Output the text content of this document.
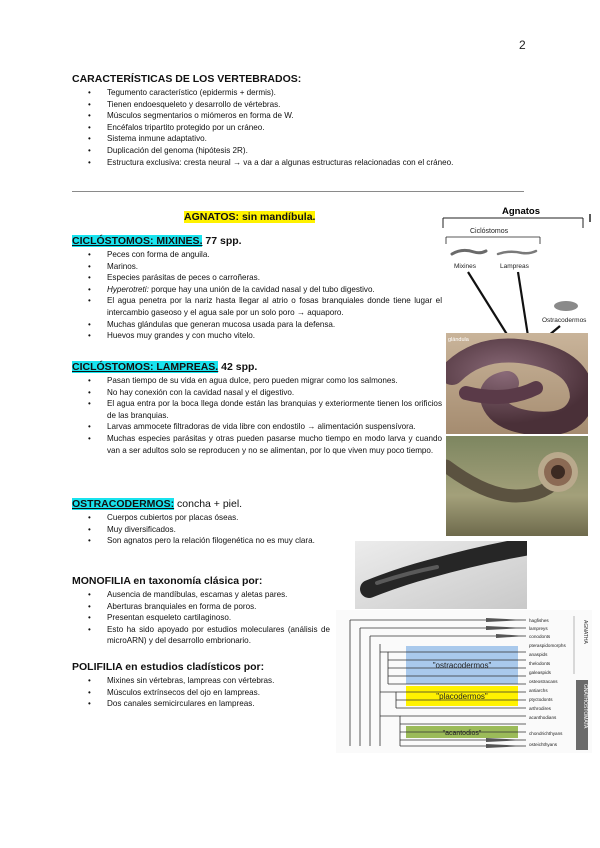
2
CARACTERÍSTICAS DE LOS VERTEBRADOS:
• Tegumento característico (epidermis + dermis).
• Tienen endoesqueleto y desarrollo de vértebras.
• Músculos segmentarios o miómeros en forma de W.
• Encéfalos tripartito protegido por un cráneo.
• Sistema inmune adaptativo.
• Duplicación del genoma (hipótesis 2R).
• Estructura exclusiva: cresta neural → va a dar a algunas estructuras relacionadas con el cráneo.
AGNATOS: sin mandíbula.
CICLÓSTOMOS: MIXINES. 77 spp.
• Peces con forma de anguila.
• Marinos.
• Especies parásitas de peces o carroñeras.
• Hyperotreti: porque hay una unión de la cavidad nasal y del tubo digestivo.
• El agua penetra por la nariz hasta llegar al atrio o fosas branquiales donde tiene lugar el intercambio gaseoso y el agua sale por un solo poro → aquaporo.
• Muchas glándulas que generan mucosa usada para la defensa.
• Huevos muy grandes y con mucho vitelo.
CICLÓSTOMOS: LAMPREAS. 42 spp.
• Pasan tiempo de su vida en agua dulce, pero pueden migrar como los salmones.
• No hay conexión con la cavidad nasal y el digestivo.
• El agua entra por la boca llega donde están las branquias y exteriormente tienen los orificios de las branquias.
• Larvas ammocete filtradoras de vida libre con endostilo → alimentación suspensívora.
• Muchas especies parásitas y otras pueden pasarse mucho tiempo en modo larva y cuando van a ser adultos solo se reproducen y no se alimentan, por lo que viven muy poco tiempo.
OSTRACODERMOS: concha + piel.
• Cuerpos cubiertos por placas óseas.
• Muy diversificados.
• Son agnatos pero la relación filogenética no es muy clara.
MONOFILIA en taxonomía clásica por:
• Ausencia de mandíbulas, escamas y aletas pares.
• Aberturas branquiales en forma de poros.
• Presentan esqueleto cartilaginoso.
• Esto ha sido apoyado por estudios moleculares (análisis de microARN) y del desarrollo embrionario.
POLIFILIA en estudios cladísticos por:
• Mixines sin vértebras, lampreas con vértebras.
• Músculos extrínsecos del ojo en lampreas.
• Dos canales semicirculares en lampreas.
Agnatos
Ciclóstomos
Mixines	Lampreas
Ostracodermos
glándula
"ostracodermos"
"placodermos"
"acantodios"
hagfishes
lampreys
conodonts
pteraspidomorphs
anaspids
thelodonts
galeaspids
osteostracans
antiarchs
ptyctodonts
arthrodires
acanthodians
chondrichthyans
osteichthyans
AGNATHA
GNATHOSTOMATA
